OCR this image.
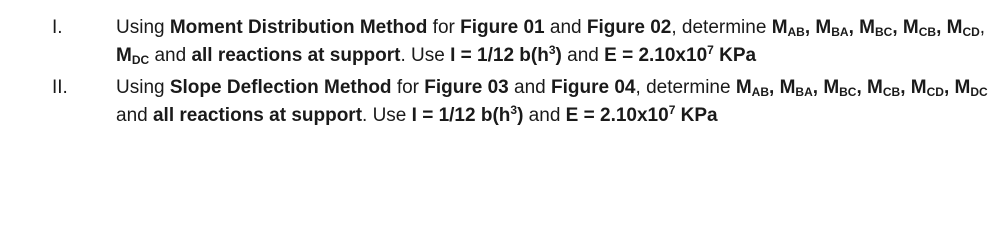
I.	Using Moment Distribution Method for Figure 01 and Figure 02, determine $M_{AB}$, $M_{BA}$, $M_{BC}$, $M_{CB}$, $M_{CD}$,
$M_{DC}$ and all reactions at support. Use I = 1/12 $b(h^3)$ and $E = 2.10x10^7$ KPa
II.	Using Slope Deflection Method for Figure 03 and Figure 04, determine $M_{AB}$, $M_{BA}$, $M_{BC}$, $M_{CB}$, $M_{CD}$, $M_{DC}$
and all reactions at support. Use I = 1/12 $b(h^3)$ and $E = 2.10x10^7$ KPa
